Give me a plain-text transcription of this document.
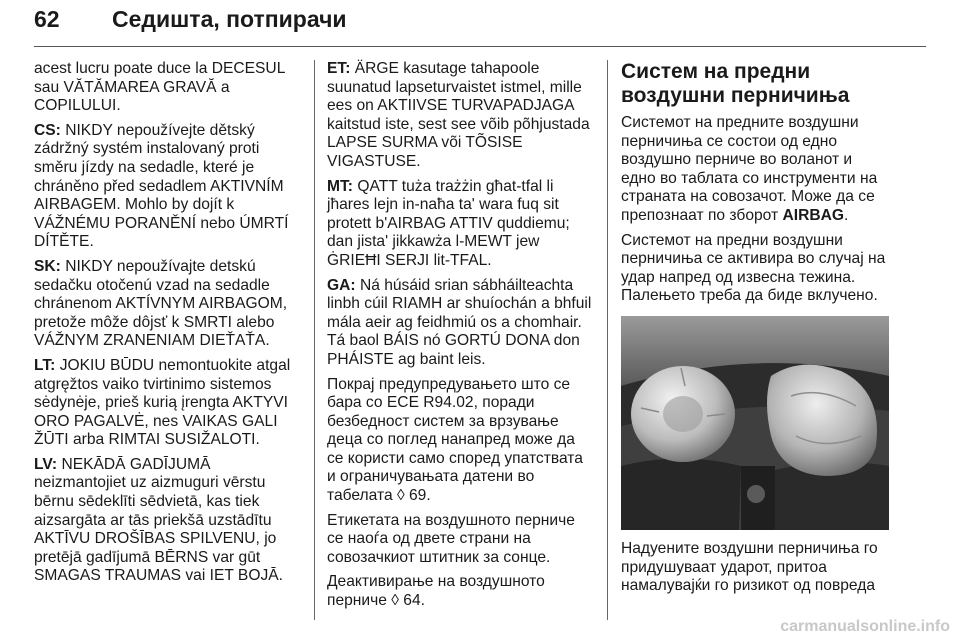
62 Седишта, потпирачи

acest lucru poate duce la DECESUL sau VĂTĂMAREA GRAVĂ a COPILULUI.

CS: NIKDY nepoužívejte dětský zádržný systém instalovaný proti směru jízdy na sedadle, které je chráněno před sedadlem AKTIVNÍM AIRBAGEM. Mohlo by dojít k VÁŽNÉMU PORANĚNÍ nebo ÚMRTÍ DÍTĚTE.

SK: NIKDY nepoužívajte detskú sedačku otočenú vzad na sedadle chránenom AKTÍVNYM AIRBAGOM, pretože môže dôjsť k SMRTI alebo VÁŽNYM ZRANENIAM DIEŤAŤA.

LT: JOKIU BŪDU nemontuokite atgal atgręžtos vaiko tvirtinimo sistemos sėdynėje, prieš kurią įrengta AKTYVI ORO PAGALVĖ, nes VAIKAS GALI ŽŪTI arba RIMTAI SUSIŽALOTI.

LV: NEKĀDĀ GADĪJUMĀ neizmantojiet uz aizmuguri vērstu bērnu sēdeklīti sēdvietā, kas tiek aizsargāta ar tās priekšā uzstādītu AKTĪVU DROŠĪBAS SPILVENU, jo pretējā gadījumā BĒRNS var gūt SMAGAS TRAUMAS vai IET BOJĀ.

ET: ÄRGE kasutage tahapoole suunatud lapseturvaistet istmel, mille ees on AKTIIVSE TURVAPADJAGA kaitstud iste, sest see võib põhjustada LAPSE SURMA või TÕSISE VIGASTUSE.

MT: QATT tuża trażżin għat-tfal li jħares lejn in-naħa ta' wara fuq sit protett b'AIRBAG ATTIV quddiemu; dan jista' jikkawża l-MEWT jew ĠRIEĦI SERJI lit-TFAL.

GA: Ná húsáid srian sábháilteachta linbh cúil RIAMH ar shuíochán a bhfuil mála aeir ag feidhmiú os a chomhair. Tá baol BÁIS nó GORTÚ DONA don PHÁISTE ag baint leis.

Покрај предупредувањето што се бара со ECE R94.02, поради безбедност систем за врзување деца со поглед нанапред може да се користи само според упатствата и ограничувањата датени во табелата ◊ 69.

Етикетата на воздушното перниче се наоѓа од двете страни на совозачкиот штитник за сонце.

Деактивирање на воздушното перниче ◊ 64.

Систем на предни воздушни перничиња

Системот на предните воздушни перничиња се состои од едно воздушно перниче во воланот и едно во таблата со инструменти на страната на совозачот. Може да се препознаат по зборот AIRBAG.

Системот на предни воздушни перничиња се активира во случај на удар напред од извесна тежина. Палењето треба да биде вклучено.

Надуените воздушни перничиња го придушуваат ударот, притоа намалувајќи го ризикот од повреда

carmanualsonline.info
